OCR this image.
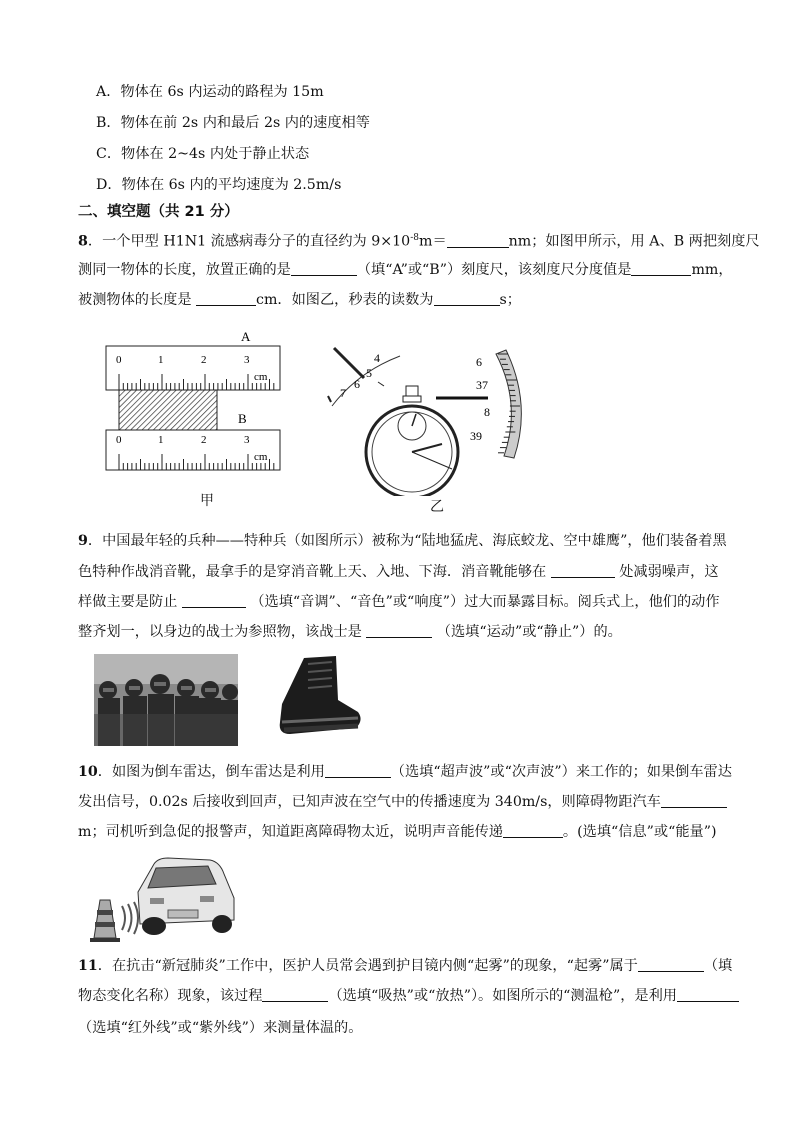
A．物体在 6s 内运动的路程为 15m
B．物体在前 2s 内和最后 2s 内的速度相等
C．物体在 2~4s 内处于静止状态
D．物体在 6s 内的平均速度为 2.5m/s
二、填空题（共 21 分）
8．一个甲型 H1N1 流感病毒分子的直径约为 $9\times 10^{-8}m=$	nm；如图甲所示，用 A、B 两把刻度尺
测同一物体的长度，放置正确的是	（填“A”或“B”）刻度尺，该刻度尺分度值是	mm，
被测物体的长度是	cm．如图乙，秒表的读数为	s；
A
0	1	2	3
cm
B
0	1	2	3
cm
甲
4
5
6
7
6
37
8
39
乙
9．中国最年轻的兵种——特种兵（如图所示）被称为“陆地猛虎、海底蛟龙、空中雄鹰”，他们装备着黑
色特种作战消音靴，最拿手的是穿消音靴上天、入地、下海．消音靴能够在	处减弱噪声，这
样做主要是防止	（选填“音调”、“音色”或“响度”）过大而暴露目标。阅兵式上，他们的动作
整齐划一，以身边的战士为参照物，该战士是	（选填“运动”或“静止”）的。
10．如图为倒车雷达，倒车雷达是利用	（选填“超声波”或“次声波”）来工作的；如果倒车雷达
发出信号，0.02s 后接收到回声，已知声波在空气中的传播速度为 340m/s，则障碍物距汽车
m；司机听到急促的报警声，知道距离障碍物太近，说明声音能传递	。(选填“信息”或“能量”)
11．在抗击“新冠肺炎”工作中，医护人员常会遇到护目镜内侧“起雾”的现象，“起雾”属于	（填
物态变化名称）现象，该过程	（选填“吸热”或“放热”）。如图所示的“测温枪”，是利用
（选填“红外线”或“紫外线”）来测量体温的。
